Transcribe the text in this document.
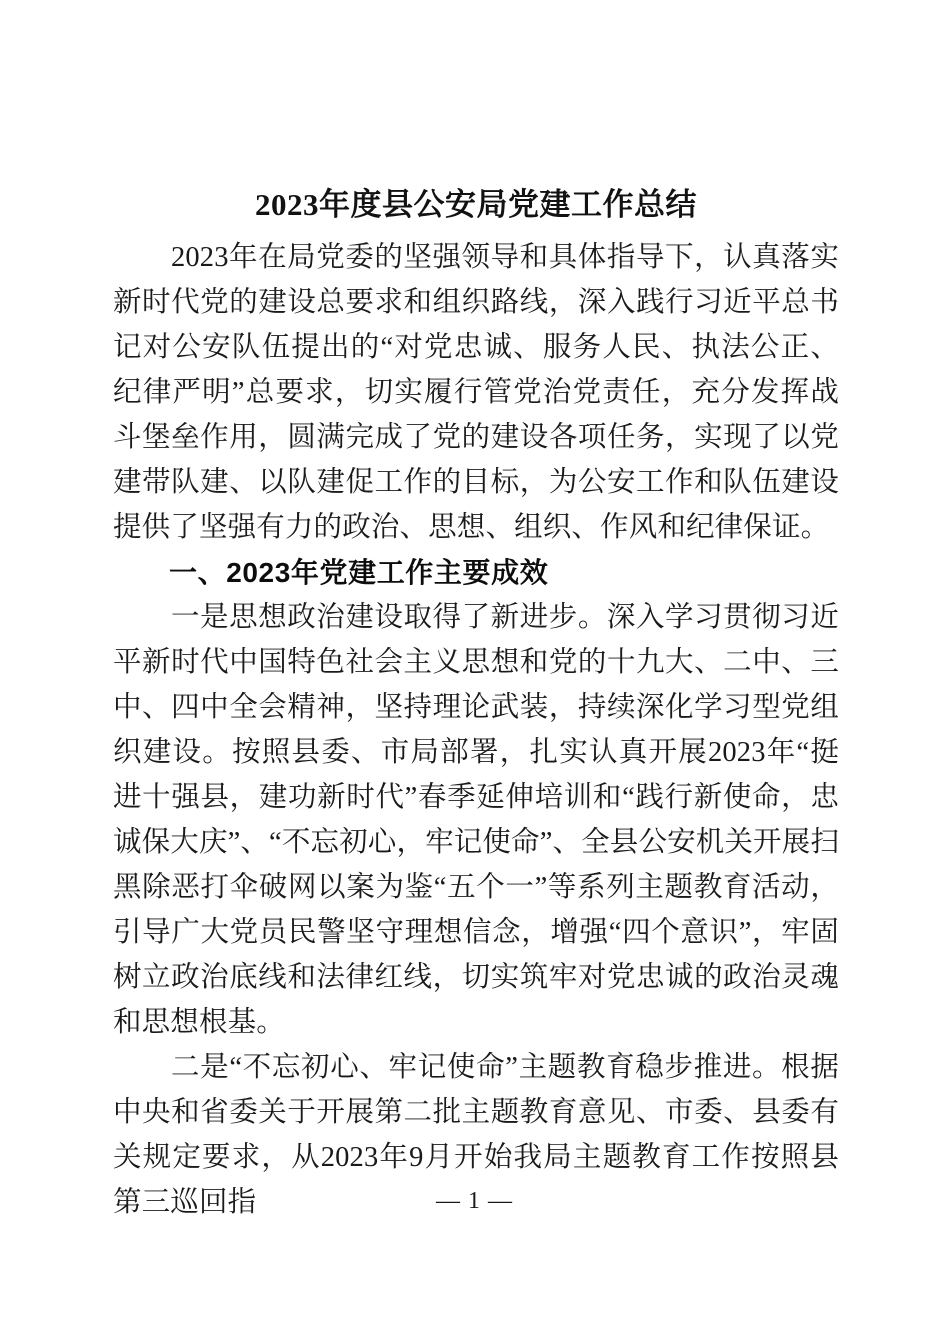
2023年度县公安局党建工作总结

2023年在局党委的坚强领导和具体指导下，认真落实新时代党的建设总要求和组织路线，深入践行习近平总书记对公安队伍提出的“对党忠诚、服务人民、执法公正、纪律严明”总要求，切实履行管党治党责任，充分发挥战斗堡垒作用，圆满完成了党的建设各项任务，实现了以党建带队建、以队建促工作的目标，为公安工作和队伍建设提供了坚强有力的政治、思想、组织、作风和纪律保证。

一、2023年党建工作主要成效

一是思想政治建设取得了新进步。深入学习贯彻习近平新时代中国特色社会主义思想和党的十九大、二中、三中、四中全会精神，坚持理论武装，持续深化学习型党组织建设。按照县委、市局部署，扎实认真开展2023年“挺进十强县，建功新时代”春季延伸培训和“践行新使命，忠诚保大庆”、“不忘初心，牢记使命”、全县公安机关开展扫黑除恶打伞破网以案为鉴“五个一”等系列主题教育活动，引导广大党员民警坚守理想信念，增强“四个意识”，牢固树立政治底线和法律红线，切实筑牢对党忠诚的政治灵魂和思想根基。

二是“不忘初心、牢记使命”主题教育稳步推进。根据中央和省委关于开展第二批主题教育意见、市委、县委有关规定要求，从2023年9月开始我局主题教育工作按照县第三巡回指	— 1 —
